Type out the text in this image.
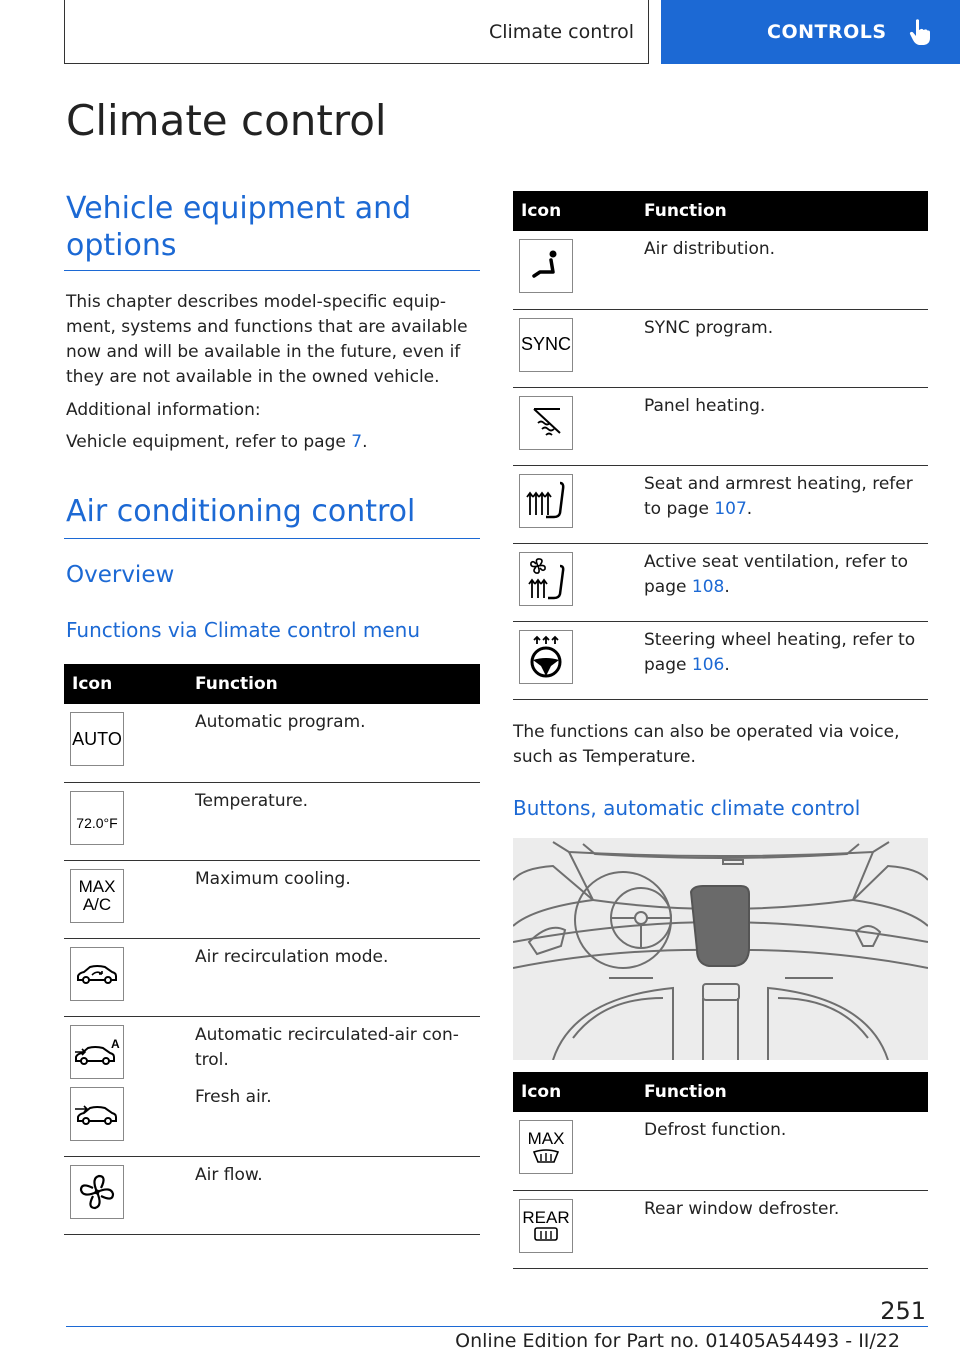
Climate control	CONTROLS
Climate control
Vehicle equipment and options

This chapter describes model-specific equipment, systems and functions that are available now and will be available in the future, even if they are not available in the owned vehicle.

Additional information:

Vehicle equipment, refer to page 7.

Air conditioning control
Overview
Functions via Climate control menu
Icon	Function

AUTO	Automatic program.

72.0°F	Temperature.

MAX A/C	Maximum cooling.

	Air recirculation mode.

A	Automatic recirculated-air control.

	Fresh air.

	Air flow.
Icon	Function

	Air distribution.

SYNC	SYNC program.

	Panel heating.

	Seat and armrest heating, refer to page 107.

	Active seat ventilation, refer to page 108.

	Steering wheel heating, refer to page 106.

The functions can also be operated via voice, such as Temperature.

Buttons, automatic climate control
Icon	Function

MAX	Defrost function.

REAR	Rear window defroster.
251
Online Edition for Part no. 01405A54493 - II/22
